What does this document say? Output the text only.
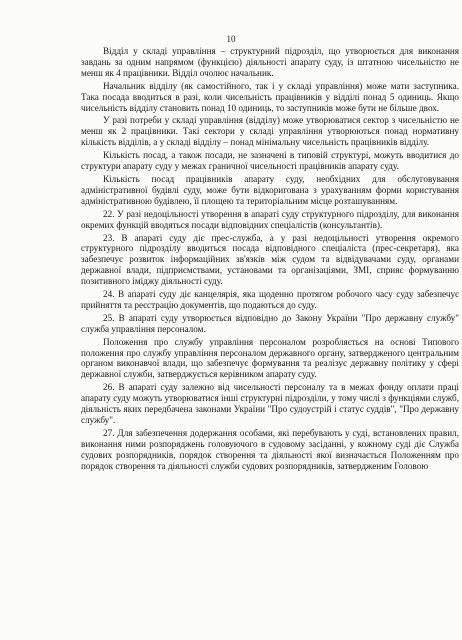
10

Відділ у складі управління – структурний підрозділ, що утворюється для виконання завдань за одним напрямом (функцією) діяльності апарату суду, із штатною чисельністю не менш як 4 працівники. Відділ очолює начальник.

Начальник відділу (як самостійного, так і у складі управління) може мати заступника. Така посада вводиться в разі, коли чисельність працівників у відділі понад 5 одиниць. Якщо чисельність відділу становить понад 10 одиниць, то заступників може бути не більше двох.

У разі потреби у складі управління (відділу) може утворюватися сектор з чисельністю не менш як 2 працівники. Такі сектори у складі управління утворюються понад нормативну кількість відділів, а у складі відділу – понад мінімальну чисельність працівників відділу.

Кількість посад, а також посади, не зазначені в типовій структурі, можуть вводитися до структури апарату суду у межах граничної чисельності працівників апарату суду.

Кількість посад працівників апарату суду, необхідних для обслуговування адміністративної будівлі суду, може бути відкоригована з урахуванням форми користування адміністративною будівлею, її площею та територіальним місце розташуванням.

22. У разі недоцільності утворення в апараті суду структурного підрозділу, для виконання окремих функцій вводяться посади відповідних спеціалістів (консультантів).

23. В апараті суду діє прес-служба, а у разі недоцільності утворення окремого структурного підрозділу вводиться посада відповідного спеціаліста (прес-секретаря), яка забезпечує розвиток інформаційних зв'язків між судом та відвідувачами суду, органами державної влади, підприємствами, установами та організаціями, ЗМІ, сприяє формуванню позитивного іміджу діяльності суду.

24. В апараті суду діє канцелярія, яка щоденно протягом робочого часу суду забезпечує прийняття та реєстрацію документів, що подаються до суду.

25. В апараті суду утворюється відповідно до Закону України "Про державну службу" служба управління персоналом.

Положення про службу управління персоналом розробляється на основі Типового положення про службу управління персоналом державного органу, затвердженого центральним органом виконавчої влади, що забезпечує формування та реалізує державну політику у сфері державної служби, затверджується керівником апарату суду.

26. В апараті суду залежно від чисельності персоналу та в межах фонду оплати праці апарату суду можуть утворюватися інші структурні підрозділи, у тому числі з функціями служб, діяльність яких передбачена законами України "Про судоустрій і статус суддів", "Про державну службу".

27. Для забезпечення додержання особами, які перебувають у суді, встановлених правил, виконання ними розпоряджень головуючого в судовому засіданні, у кожному суді діє Служба судових розпорядників, порядок створення та діяльності якої визначається Положенням про порядок створення та діяльності служби судових розпорядників, затвердженим Головою
